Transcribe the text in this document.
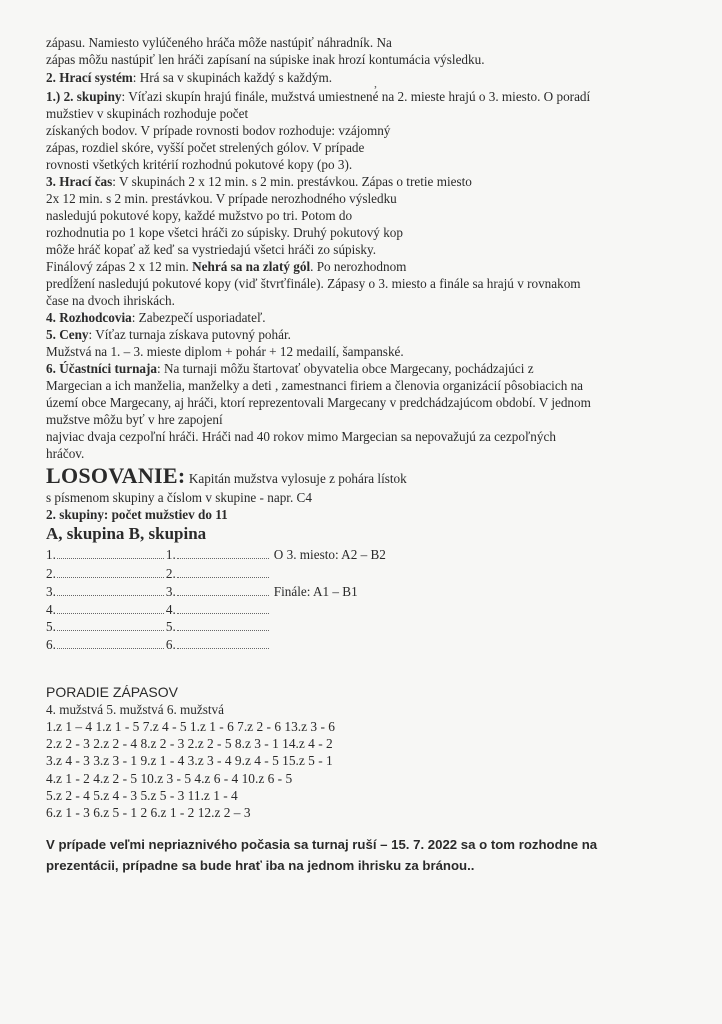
zápasu. Namiesto vylúčeného hráča môže nastúpiť náhradník. Na
zápas môžu nastúpiť len hráči zapísaní na súpiske inak hrozí kontumácia výsledku.
2. Hrací systém: Hrá sa v skupinách každý s každým.
1.) 2. skupiny: Víťazi skupín hrajú finále, mužstvá umiestnené na 2. mieste hrajú o 3. miesto. O poradí
mužstiev v skupinách rozhoduje počet
získaných bodov. V prípade rovnosti bodov rozhoduje: vzájomný
zápas, rozdiel skóre, vyšší počet strelených gólov. V prípade
rovnosti všetkých kritérií rozhodnú pokutové kopy (po 3).
3. Hrací čas: V skupinách 2 x 12 min. s 2 min. prestávkou. Zápas o tretie miesto
2x 12 min. s 2 min. prestávkou. V prípade nerozhodného výsledku
nasledujú pokutové kopy, každé mužstvo po tri. Potom do
rozhodnutia po 1 kope všetci hráči zo súpisky. Druhý pokutový kop
môže hráč kopať až keď sa vystriedajú všetci hráči zo súpisky.
Finálový zápas 2 x 12 min. Nehrá sa na zlatý gól. Po nerozhodnom
predĺžení nasledujú pokutové kopy (viď štvrťfinále). Zápasy o 3. miesto a finále sa hrajú v rovnakom
čase na dvoch ihriskách.
4. Rozhodcovia: Zabezpečí usporiadateľ.
5. Ceny: Víťaz turnaja získava putovný pohár.
Mužstvá na 1. – 3. mieste diplom + pohár + 12 medailí, šampanské.
6. Účastníci turnaja: Na turnaji môžu štartovať obyvatelia obce Margecany, pochádzajúci z
Margecian a ich manželia, manželky a deti , zamestnanci firiem a členovia organizácií pôsobiacich na
území obce Margecany, aj hráči, ktorí reprezentovali Margecany v predchádzajúcom období. V jednom
mužstve môžu byť v hre zapojení
najviac dvaja cezpoľní hráči. Hráči nad 40 rokov mimo Margecian sa nepovažujú za cezpoľných
hráčov.
LOSOVANIE: Kapitán mužstva vylosuje z pohára lístok
s písmenom skupiny a číslom v skupine - napr. C4
2. skupiny: počet mužstiev do 11
A, skupina B, skupina
1.	1.	O 3. miesto: A2 – B2
2.	2.
3.	3.	Finále: A1 – B1
4.	4.
5.	5.
6.	6.
PORADIE ZÁPASOV
4. mužstvá 5. mužstvá 6. mužstvá
1.z 1 – 4 1.z 1 - 5 7.z 4 - 5 1.z 1 - 6 7.z 2 - 6 13.z 3 - 6
2.z 2 - 3 2.z 2 - 4 8.z 2 - 3 2.z 2 - 5 8.z 3 - 1 14.z 4 - 2
3.z 4 - 3 3.z 3 - 1 9.z 1 - 4 3.z 3 - 4 9.z 4 - 5 15.z 5 - 1
4.z 1 - 2 4.z 2 - 5 10.z 3 - 5 4.z 6 - 4 10.z 6 - 5
5.z 2 - 4 5.z 4 - 3 5.z 5 - 3 11.z 1 - 4
6.z 1 - 3 6.z 5 - 1 2 6.z 1 - 2 12.z 2 – 3
V prípade veľmi nepriaznivého počasia sa turnaj ruší – 15. 7. 2022 sa o tom rozhodne na
prezentácii, prípadne sa bude hrať iba na jednom ihrisku za bránou..
,
